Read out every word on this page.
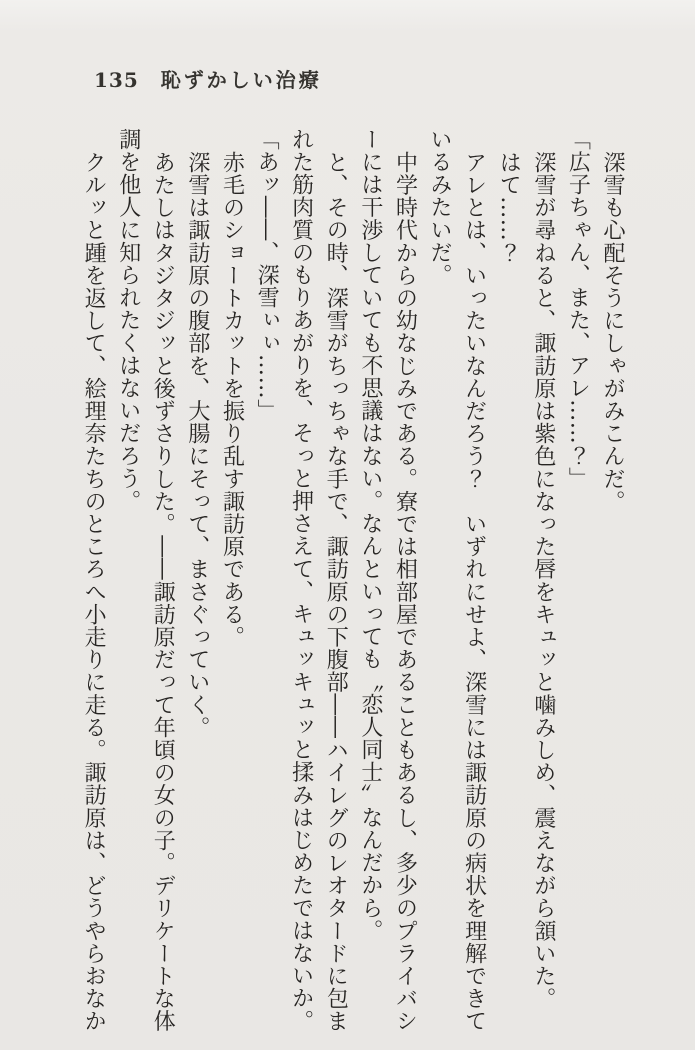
135 恥ずかしい治療

深雪も心配そうにしゃがみこんだ。

「広子ちゃん、また、アレ……？」

深雪が尋ねると、諏訪原は紫色になった唇をキュッと噛みしめ、震えながら頷いた。

はて……？

アレとは、いったいなんだろう？　いずれにせよ、深雪には諏訪原の病状を理解できて

いるみたいだ。

中学時代からの幼なじみである。寮では相部屋であることもあるし、多少のプライバシ

ーには干渉していても不思議はない。なんといっても〝恋人同士〟なんだから。

と、その時、深雪がちっちゃな手で、諏訪原の下腹部――ハイレグのレオタードに包ま

れた筋肉質のもりあがりを、そっと押さえて、キュッキュッと揉みはじめたではないか。

「あッ――、深雪ぃぃ……」

赤毛のショートカットを振り乱す諏訪原である。

深雪は諏訪原の腹部を、大腸にそって、まさぐっていく。

あたしはタジタジッと後ずさりした。――諏訪原だって年頃の女の子。デリケートな体

調を他人に知られたくはないだろう。

クルッと踵を返して、絵理奈たちのところへ小走りに走る。諏訪原は、どうやらおなか
